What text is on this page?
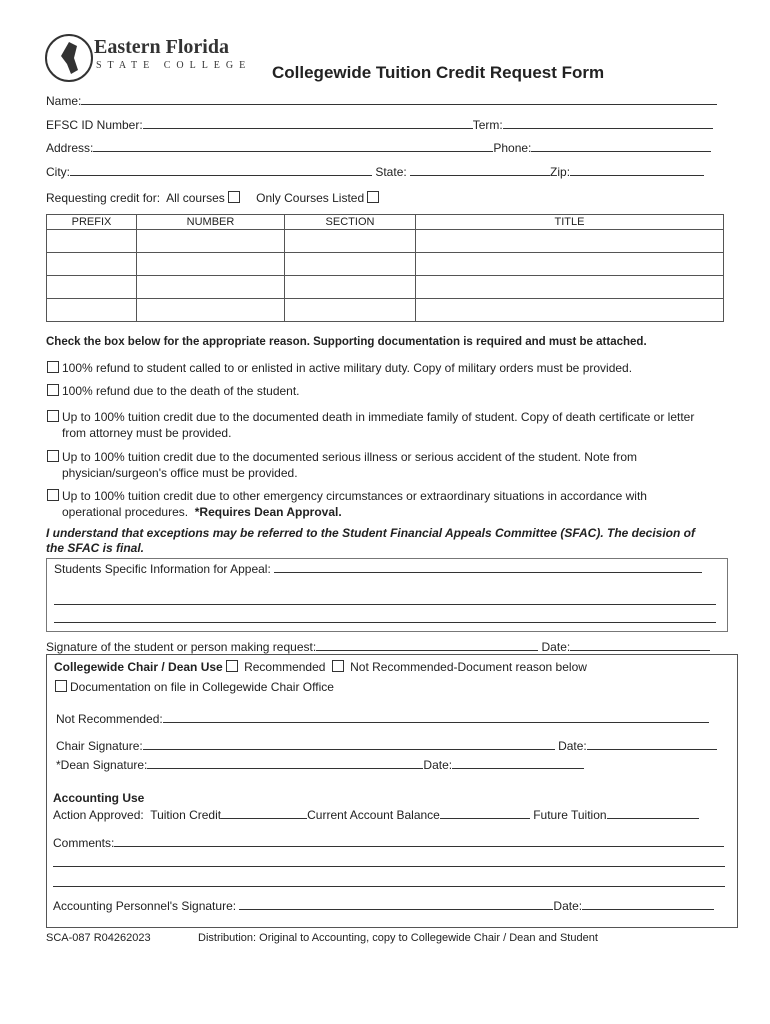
Eastern Florida
STATE COLLEGE Collegewide Tuition Credit Request Form
Name:
EFSC ID Number:	Term:
Address:	Phone:
City:	State:	Zip:
Requesting credit for: All courses	Only Courses Listed
PREFIX	NUMBER	SECTION	TITLE

Check the box below for the appropriate reason. Supporting documentation is required and must be attached.
100% refund to student called to or enlisted in active military duty. Copy of military orders must be provided.
100% refund due to the death of the student.
Up to 100% tuition credit due to the documented death in immediate family of student. Copy of death certificate or letter
from attorney must be provided.
Up to 100% tuition credit due to the documented serious illness or serious accident of the student. Note from
physician/surgeon's office must be provided.
Up to 100% tuition credit due to other emergency circumstances or extraordinary situations in accordance with
operational procedures. *Requires Dean Approval.
I understand that exceptions may be referred to the Student Financial Appeals Committee (SFAC). The decision of
the SFAC is final.
Students Specific Information for Appeal:
Signature of the student or person making request:	Date:
Collegewide Chair / Dean Use Recommended Not Recommended-Document reason below
Documentation on file in Collegewide Chair Office
Not Recommended:
Chair Signature:	Date:
*Dean Signature:	Date:
Accounting Use
Action Approved: Tuition Credit	Current Account Balance	Future Tuition
Comments:
Accounting Personnel's Signature:	Date:
SCA-087 R04262023	Distribution: Original to Accounting, copy to Collegewide Chair / Dean and Student
